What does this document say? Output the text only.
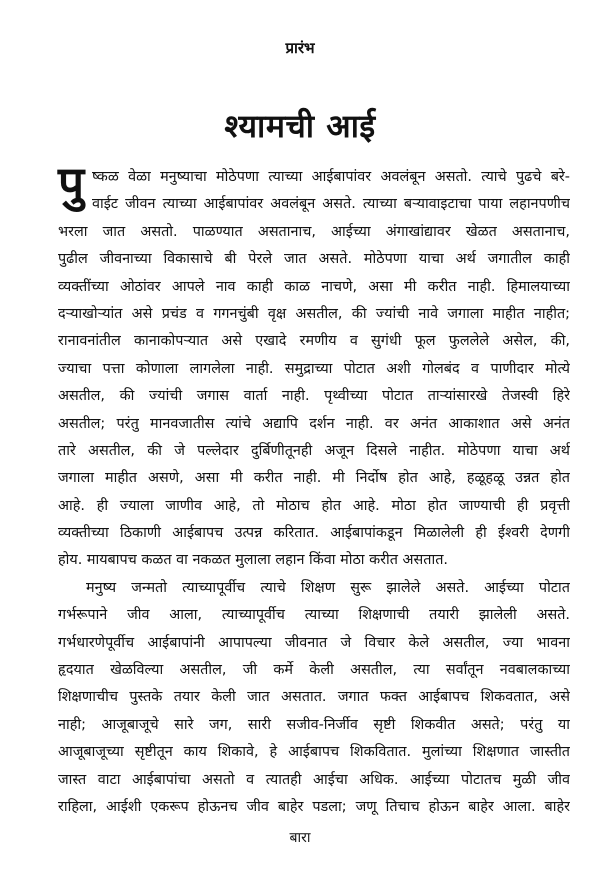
प्रारंभ
श्यामची आई
पु ष्कळ वेळा मनुष्याचा मोठेपणा त्याच्या आईबापांवर अवलंबून असतो. त्याचे पुढचे बरे-
वाईट जीवन त्याच्या आईबापांवर अवलंबून असते. त्याच्या बऱ्यावाइटाचा पाया लहानपणीच
भरला जात असतो. पाळण्यात असतानाच, आईच्या अंगाखांद्यावर खेळत असतानाच,
पुढील जीवनाच्या विकासाचे बी पेरले जात असते. मोठेपणा याचा अर्थ जगातील काही
व्यक्तींच्या ओठांवर आपले नाव काही काळ नाचणे, असा मी करीत नाही. हिमालयाच्या
दऱ्याखोऱ्यांत असे प्रचंड व गगनचुंबी वृक्ष असतील, की ज्यांची नावे जगाला माहीत नाहीत;
रानावनांतील कानाकोपऱ्यात असे एखादे रमणीय व सुगंधी फूल फुललेले असेल, की,
ज्याचा पत्ता कोणाला लागलेला नाही. समुद्राच्या पोटात अशी गोलबंद व पाणीदार मोत्ये
असतील, की ज्यांची जगास वार्ता नाही. पृथ्वीच्या पोटात ताऱ्यांसारखे तेजस्वी हिरे
असतील; परंतु मानवजातीस त्यांचे अद्यापि दर्शन नाही. वर अनंत आकाशात असे अनंत
तारे असतील, की जे पल्लेदार दुर्बिणीतूनही अजून दिसले नाहीत. मोठेपणा याचा अर्थ
जगाला माहीत असणे, असा मी करीत नाही. मी निर्दोष होत आहे, हळूहळू उन्नत होत
आहे. ही ज्याला जाणीव आहे, तो मोठाच होत आहे. मोठा होत जाण्याची ही प्रवृत्ती
व्यक्तीच्या ठिकाणी आईबापच उत्पन्न करितात. आईबापांकडून मिळालेली ही ईश्वरी देणगी
होय. मायबापच कळत वा नकळत मुलाला लहान किंवा मोठा करीत असतात.
मनुष्य जन्मतो त्याच्यापूर्वीच त्याचे शिक्षण सुरू झालेले असते. आईच्या पोटात
गर्भरूपाने जीव आला, त्याच्यापूर्वीच त्याच्या शिक्षणाची तयारी झालेली असते.
गर्भधारणेपूर्वीच आईबापांनी आपापल्या जीवनात जे विचार केले असतील, ज्या भावना
हृदयात खेळविल्या असतील, जी कर्मे केली असतील, त्या सर्वांतून नवबालकाच्या
शिक्षणाचीच पुस्तके तयार केली जात असतात. जगात फक्त आईबापच शिकवतात, असे
नाही; आजूबाजूचे सारे जग, सारी सजीव-निर्जीव सृष्टी शिकवीत असते; परंतु या
आजूबाजूच्या सृष्टीतून काय शिकावे, हे आईबापच शिकवितात. मुलांच्या शिक्षणात जास्तीत
जास्त वाटा आईबापांचा असतो व त्यातही आईचा अधिक. आईच्या पोटातच मुळी जीव
राहिला, आईशी एकरूप होऊनच जीव बाहेर पडला; जणू तिचाच होऊन बाहेर आला. बाहेर
बारा
